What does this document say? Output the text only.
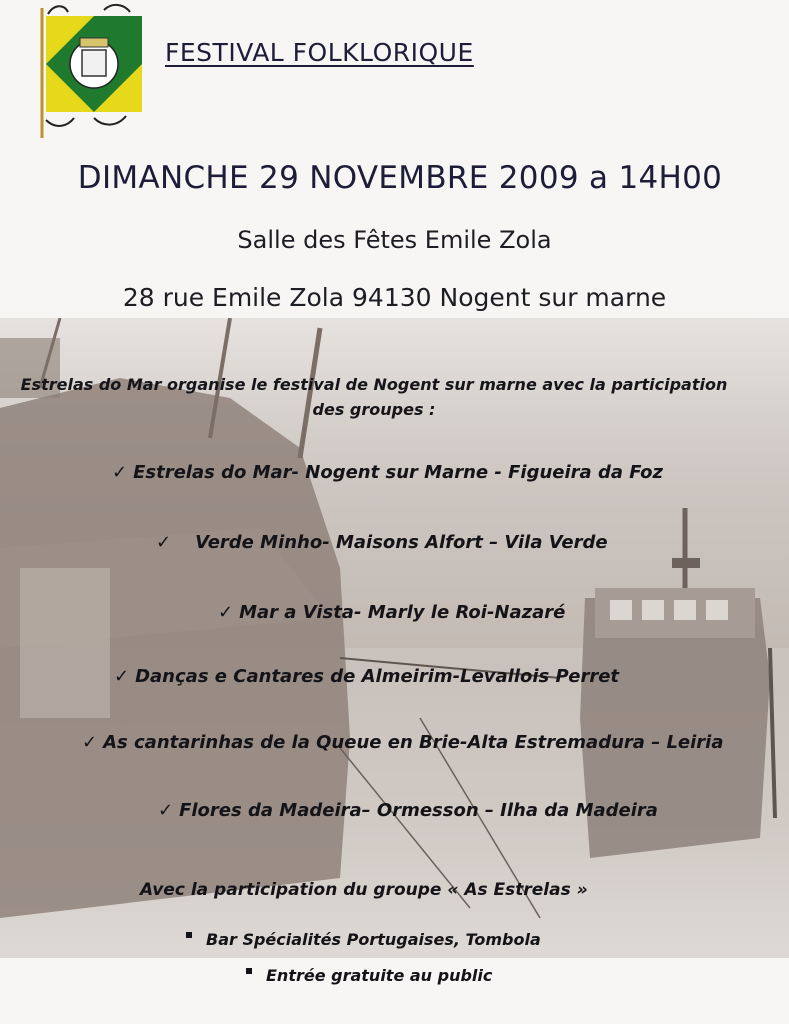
FESTIVAL FOLKLORIQUE
DIMANCHE 29 NOVEMBRE 2009 a 14H00
Salle des Fêtes Emile Zola
28 rue Emile Zola 94130 Nogent sur marne
Estrelas do Mar organise le festival de Nogent sur marne avec la participation
des groupes :
✓ Estrelas do Mar- Nogent sur Marne - Figueira da Foz
✓ Verde Minho- Maisons Alfort – Vila Verde
✓ Mar a Vista- Marly le Roi-Nazaré
✓ Danças e Cantares de Almeirim-Levallois Perret
✓ As cantarinhas de la Queue en Brie-Alta Estremadura – Leiria
✓ Flores da Madeira– Ormesson – Ilha da Madeira
Avec la participation du groupe « As Estrelas »
Bar Spécialités Portugaises, Tombola
Entrée gratuite au public
